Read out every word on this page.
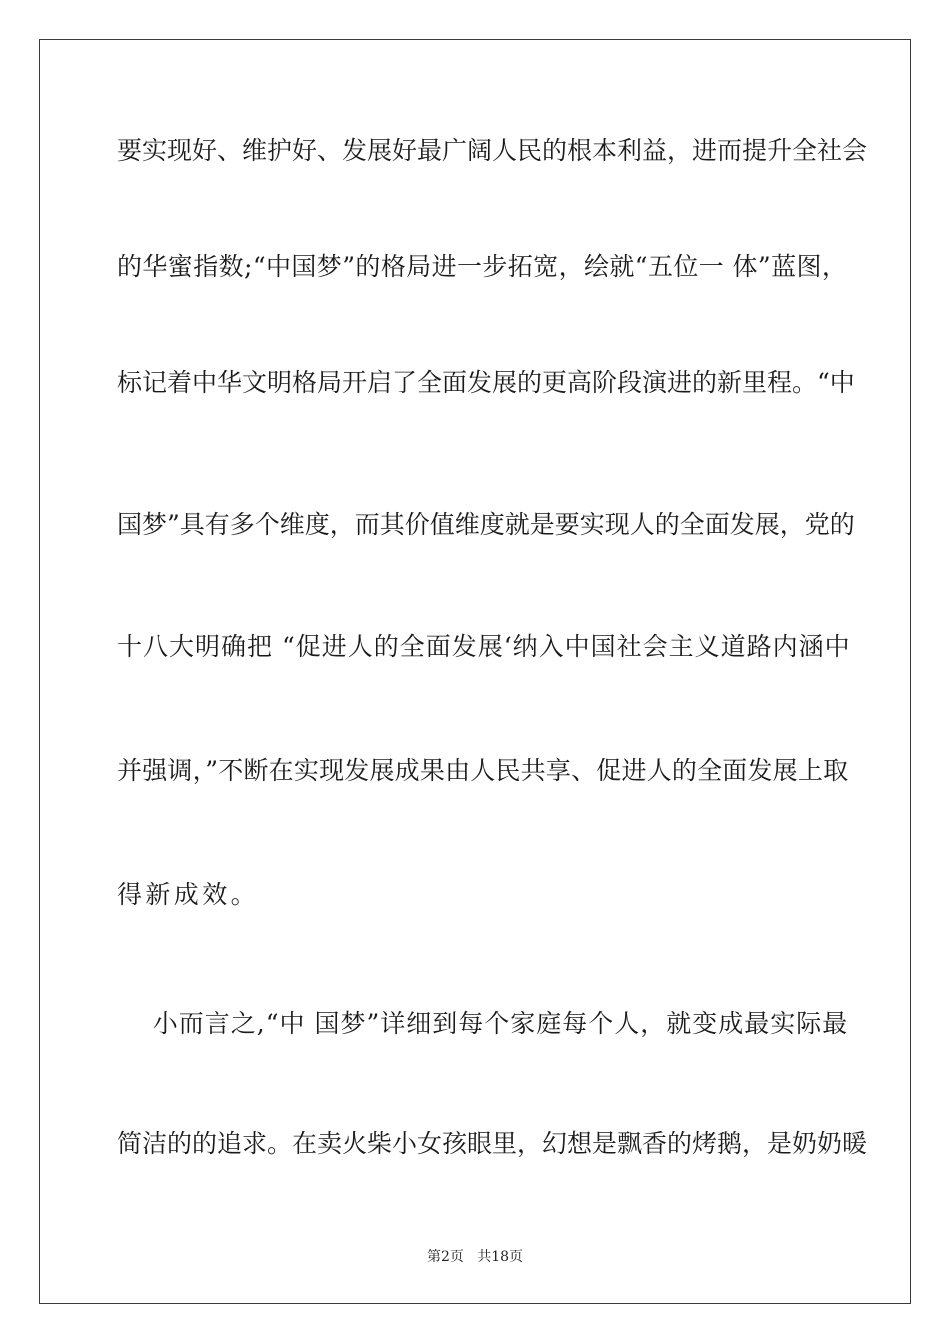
要实现好、维护好、发展好最广阔人民的根本利益，进而提升全社会
的华蜜指数;“中国梦”的格局进一步拓宽，绘就“五位一 体”蓝图，
标记着中华文明格局开启了全面发展的更高阶段演进的新里程。“中
国梦”具有多个维度，而其价值维度就是要实现人的全面发展，党的
十八大明确把 “促进人的全面发展‘纳入中国社会主义道路内涵中
并强调，”不断在实现发展成果由人民共享、促进人的全面发展上取
得新成效。
小而言之,“中 国梦”详细到每个家庭每个人，就变成最实际最
简洁的的追求。在卖火柴小女孩眼里，幻想是飘香的烤鹅，是奶奶暖
第2页   共18页
